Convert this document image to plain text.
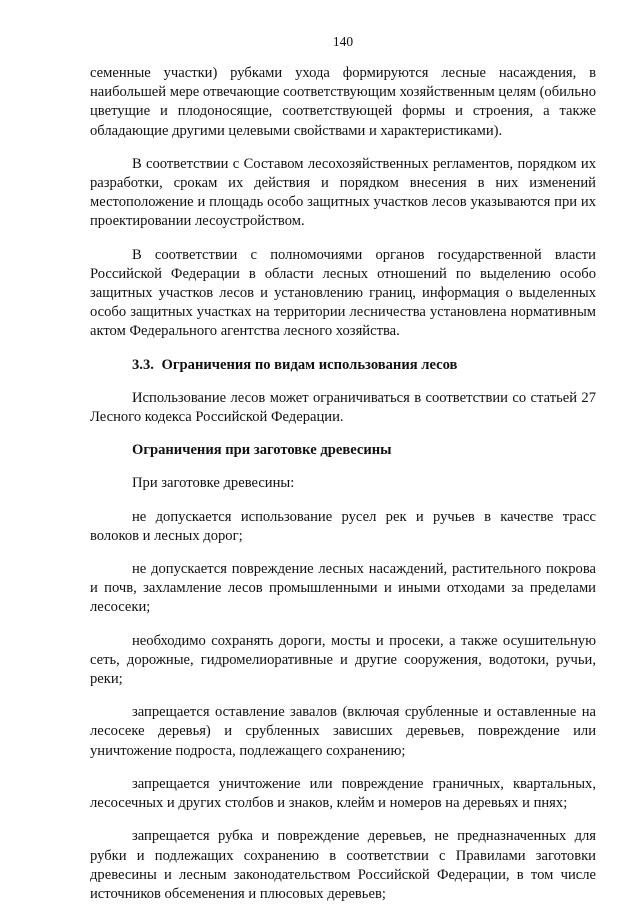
140

семенные участки) рубками ухода формируются лесные насаждения, в наибольшей мере отвечающие соответствующим хозяйственным целям (обильно цветущие и плодоносящие, соответствующей формы и строения, а также обладающие другими целевыми свойствами и характеристиками).

В соответствии с Составом лесохозяйственных регламентов, порядком их разработки, срокам их действия и порядком внесения в них изменений местоположение и площадь особо защитных участков лесов указываются при их проектировании лесоустройством.

В соответствии с полномочиями органов государственной власти Российской Федерации в области лесных отношений по выделению особо защитных участков лесов и установлению границ, информация о выделенных особо защитных участках на территории лесничества установлена нормативным актом Федерального агентства лесного хозяйства.

3.3. Ограничения по видам использования лесов

Использование лесов может ограничиваться в соответствии со статьей 27 Лесного кодекса Российской Федерации.

Ограничения при заготовке древесины

При заготовке древесины:

не допускается использование русел рек и ручьев в качестве трасс волоков и лесных дорог;

не допускается повреждение лесных насаждений, растительного покрова и почв, захламление лесов промышленными и иными отходами за пределами лесосеки;

необходимо сохранять дороги, мосты и просеки, а также осушительную сеть, дорожные, гидромелиоративные и другие сооружения, водотоки, ручьи, реки;

запрещается оставление завалов (включая срубленные и оставленные на лесосеке деревья) и срубленных зависших деревьев, повреждение или уничтожение подроста, подлежащего сохранению;

запрещается уничтожение или повреждение граничных, квартальных, лесосечных и других столбов и знаков, клейм и номеров на деревьях и пнях;

запрещается рубка и повреждение деревьев, не предназначенных для рубки и подлежащих сохранению в соответствии с Правилами заготовки древесины и лесным законодательством Российской Федерации, в том числе источников обсеменения и плюсовых деревьев;
